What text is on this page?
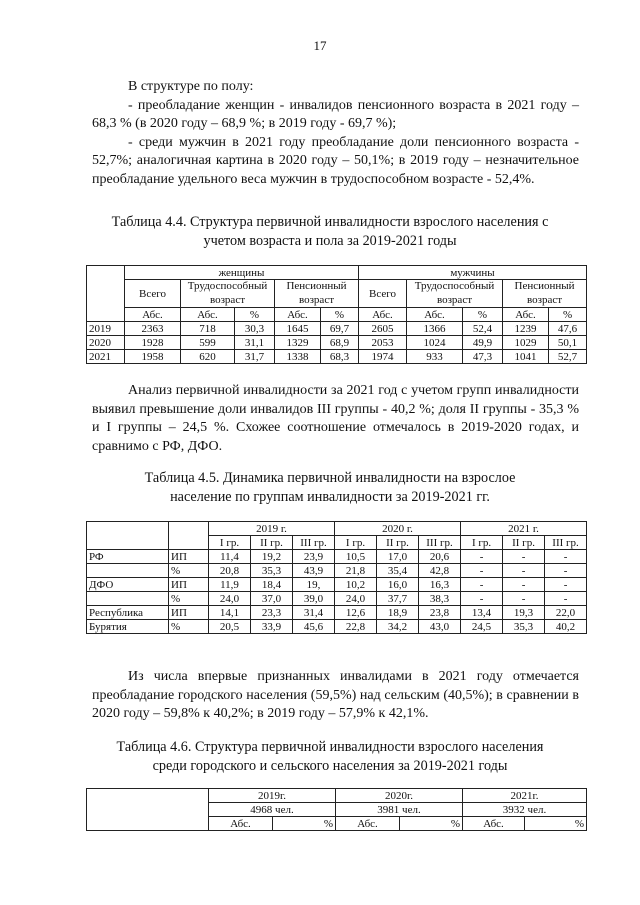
17

В структуре по полу:

- преобладание женщин - инвалидов пенсионного возраста в 2021 году – 68,3 % (в 2020 году – 68,9 %; в 2019 году - 69,7 %);

- среди мужчин в 2021 году преобладание доли пенсионного возраста - 52,7%; аналогичная картина в 2020 году – 50,1%; в 2019 году – незначительное преобладание удельного веса мужчин в трудоспособном возрасте - 52,4%.

Таблица 4.4. Структура первичной инвалидности взрослого населения с

учетом возраста и пола за 2019-2021 годы

	женщины					мужчины				
	Всего	Трудоспособный возраст		Пенсионный возраст		Всего	Трудоспособный возраст		Пенсионный возраст	
	Абс.	Абс.	%	Абс.	%	Абс.	Абс.	%	Абс.	%
2019	2363	718	30,3	1645	69,7	2605	1366	52,4	1239	47,6
2020	1928	599	31,1	1329	68,9	2053	1024	49,9	1029	50,1
2021	1958	620	31,7	1338	68,3	1974	933	47,3	1041	52,7

Анализ первичной инвалидности за 2021 год с учетом групп инвалидности выявил превышение доли инвалидов III группы - 40,2 %; доля II группы - 35,3 % и I группы – 24,5 %. Схожее соотношение отмечалось в 2019-2020 годах, и сравнимо с РФ, ДФО.

Таблица 4.5. Динамика первичной инвалидности на взрослое

население по группам инвалидности за 2019-2021 гг.

		2019 г.			2020 г.			2021 г.		
		I гр.	II гр.	III гр.	I гр.	II гр.	III гр.	I гр.	II гр.	III гр.
РФ	ИП	11,4	19,2	23,9	10,5	17,0	20,6	-	-	-
	%	20,8	35,3	43,9	21,8	35,4	42,8	-	-	-
ДФО	ИП	11,9	18,4	19,	10,2	16,0	16,3	-	-	-
	%	24,0	37,0	39,0	24,0	37,7	38,3	-	-	-
Республика	ИП	14,1	23,3	31,4	12,6	18,9	23,8	13,4	19,3	22,0
Бурятия	%	20,5	33,9	45,6	22,8	34,2	43,0	24,5	35,3	40,2

Из числа впервые признанных инвалидами в 2021 году отмечается преобладание городского населения (59,5%) над сельским (40,5%); в сравнении в 2020 году – 59,8% к 40,2%; в 2019 году – 57,9% к 42,1%.

Таблица 4.6. Структура первичной инвалидности взрослого населения

среди городского и сельского населения за 2019-2021 годы

	2019г.		2020г.		2021г.	
	4968 чел.		3981 чел.		3932 чел.	
	Абс.	%	Абс.	%	Абс.	%
